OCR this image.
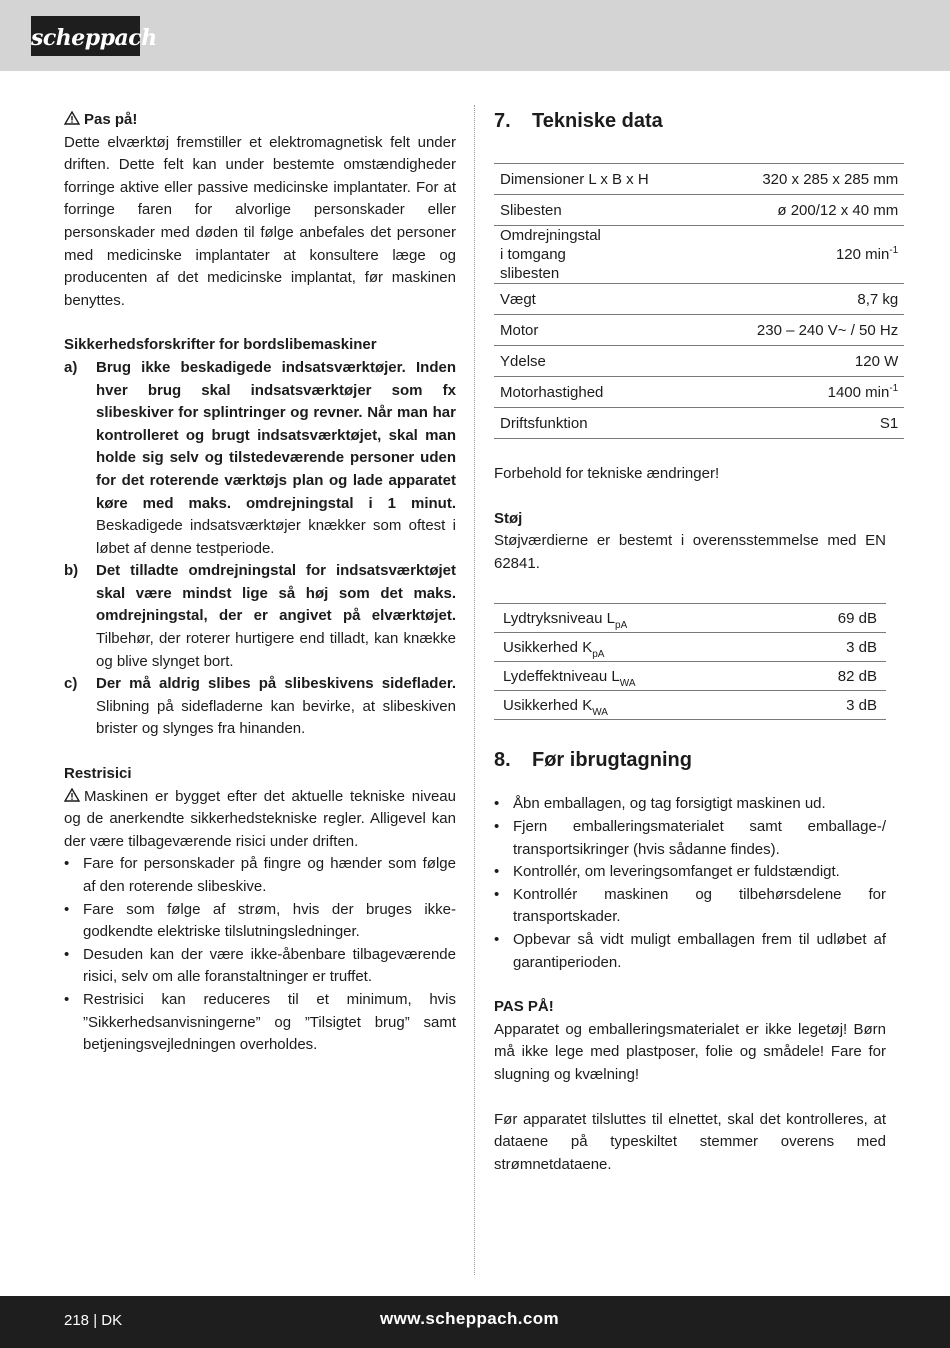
scheppach

Pas på!

Dette elværktøj fremstiller et elektromagnetisk felt under driften. Dette felt kan under bestemte omstændigheder forringe aktive eller passive medicinske implantater. For at forringe faren for alvorlige personskader eller personskader med døden til følge anbefales det personer med medicinske implantater at konsultere læge og producenten af det medicinske implantat, før maskinen benyttes.

Sikkerhedsforskrifter for bordslibemaskiner

a) Brug ikke beskadigede indsatsværktøjer. Inden hver brug skal indsatsværktøjer som fx slibeskiver for splintringer og revner. Når man har kontrolleret og brugt indsatsværktøjet, skal man holde sig selv og tilstedeværende personer uden for det roterende værktøjs plan og lade apparatet køre med maks. omdrejningstal i 1 minut. Beskadigede indsatsværktøjer knækker som oftest i løbet af denne testperiode.
b) Det tilladte omdrejningstal for indsatsværktøjet skal være mindst lige så høj som det maks. omdrejningstal, der er angivet på elværktøjet. Tilbehør, der roterer hurtigere end tilladt, kan knække og blive slynget bort.
c) Der må aldrig slibes på slibeskivens sideflader. Slibning på sidefladerne kan bevirke, at slibeskiven brister og slynges fra hinanden.

Restrisici

Maskinen er bygget efter det aktuelle tekniske niveau og de anerkendte sikkerhedstekniske regler. Alligevel kan der være tilbageværende risici under driften.

• Fare for personskader på fingre og hænder som følge af den roterende slibeskive.
• Fare som følge af strøm, hvis der bruges ikke-godkendte elektriske tilslutningsledninger.
• Desuden kan der være ikke-åbenbare tilbageværende risici, selv om alle foranstaltninger er truffet.
• Restrisici kan reduceres til et minimum, hvis ”Sikkerhedsanvisningerne” og ”Tilsigtet brug” samt betjeningsvejledningen overholdes.
7. Tekniske data
Dimensioner L x B x H	320 x 285 x 285 mm
Slibesten	ø 200/12 x 40 mm
Omdrejningstal i tomgang slibesten	120 $\min^{-1}$
Vægt	8,7 kg
Motor	230 – 240 V~ / 50 Hz
Ydelse	120 W
Motorhastighed	1400 $\min^{-1}$
Driftsfunktion	S1

Forbehold for tekniske ændringer!

Støj

Støjværdierne er bestemt i overensstemmelse med EN 62841.

Lydtryksniveau $L_{pA}$	69 dB
Usikkerhed $K_{pA}$	3 dB
Lydeffektniveau $L_{WA}$	82 dB
Usikkerhed $K_{WA}$	3 dB
8. Før ibrugtagning
• Åbn emballagen, og tag forsigtigt maskinen ud.
• Fjern emballeringsmaterialet samt emballage-/ transportsikringer (hvis sådanne findes).
• Kontrollér, om leveringsomfanget er fuldstændigt.
• Kontrollér maskinen og tilbehørsdelene for transportskader.
• Opbevar så vidt muligt emballagen frem til udløbet af garantiperioden.

PAS PÅ!

Apparatet og emballeringsmaterialet er ikke legetøj! Børn må ikke lege med plastposer, folie og smådele! Fare for slugning og kvælning!

Før apparatet tilsluttes til elnettet, skal det kontrolleres, at dataene på typeskiltet stemmer overens med strømnetdataene.

218 | DK	www.scheppach.com
